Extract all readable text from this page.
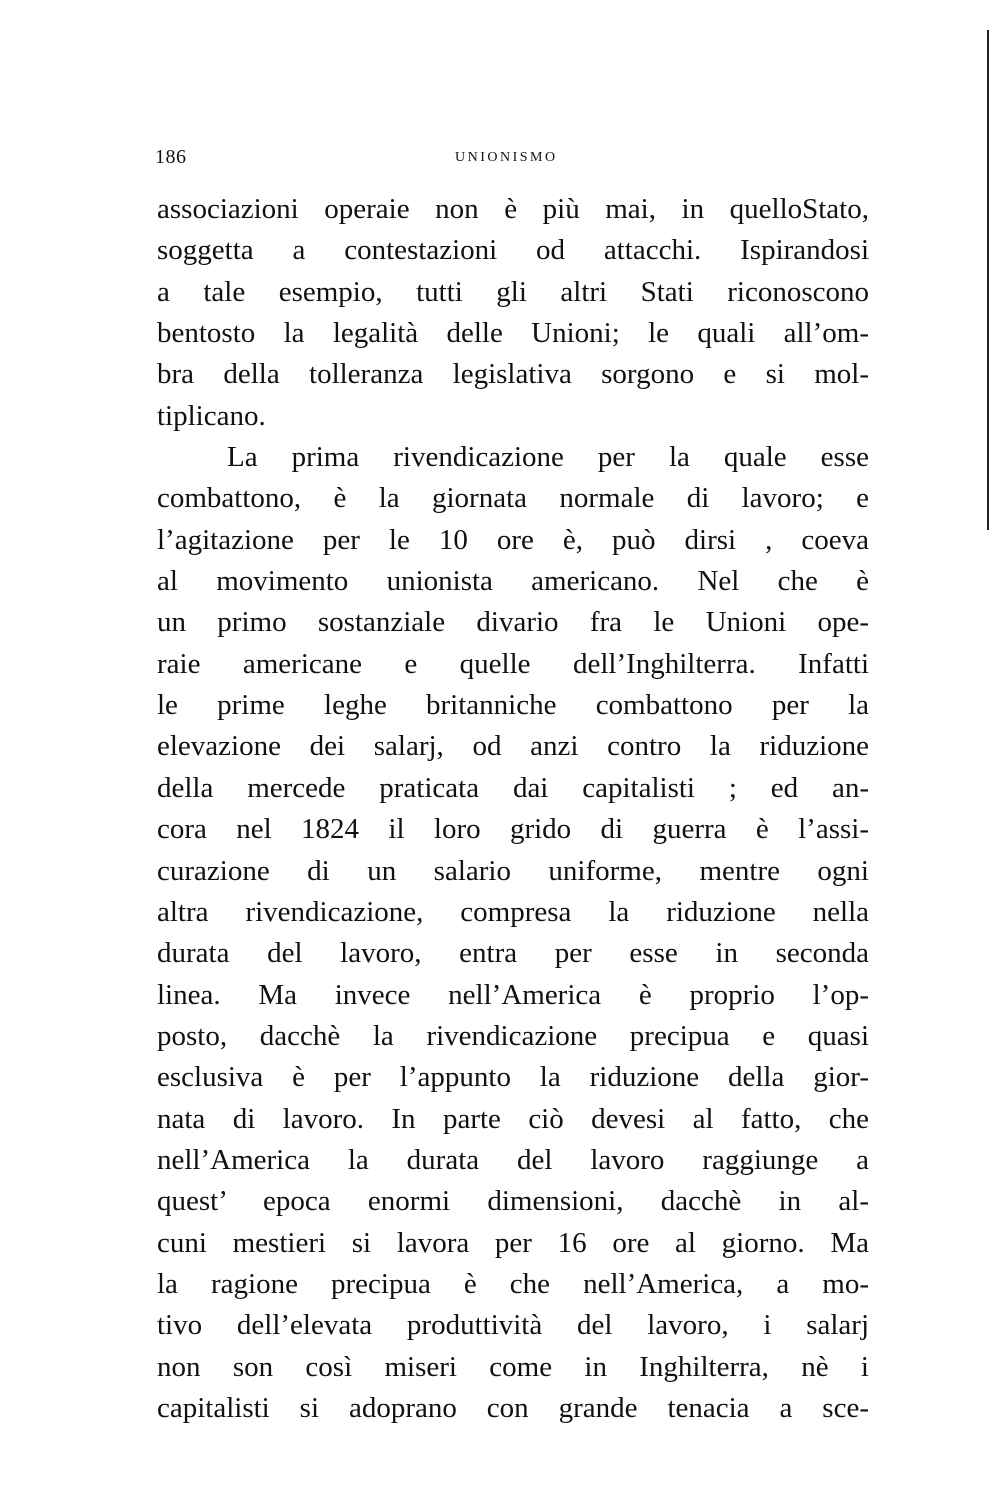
186	UNIONISMO
associazioni operaie non è più mai, in quelloStato,
soggetta a contestazioni od attacchi. Ispirandosi
a tale esempio, tutti gli altri Stati riconoscono
bentosto la legalità delle Unioni; le quali all’om-
bra della tolleranza legislativa sorgono e si mol-
tiplicano.
La prima rivendicazione per la quale esse
combattono, è la giornata normale di lavoro; e
l’agitazione per le 10 ore è, può dirsi , coeva
al movimento unionista americano. Nel che è
un primo sostanziale divario fra le Unioni ope-
raie americane e quelle dell’Inghilterra. Infatti
le prime leghe britanniche combattono per la
elevazione dei salarj, od anzi contro la riduzione
della mercede praticata dai capitalisti ; ed an-
cora nel 1824 il loro grido di guerra è l’assi-
curazione di un salario uniforme, mentre ogni
altra rivendicazione, compresa la riduzione nella
durata del lavoro, entra per esse in seconda
linea. Ma invece nell’America è proprio l’op-
posto, dacchè la rivendicazione precipua e quasi
esclusiva è per l’appunto la riduzione della gior-
nata di lavoro. In parte ciò devesi al fatto, che
nell’America la durata del lavoro raggiunge a
quest’ epoca enormi dimensioni, dacchè in al-
cuni mestieri si lavora per 16 ore al giorno. Ma
la ragione precipua è che nell’America, a mo-
tivo dell’elevata produttività del lavoro, i salarj
non son così miseri come in Inghilterra, nè i
capitalisti si adoprano con grande tenacia a sce-
